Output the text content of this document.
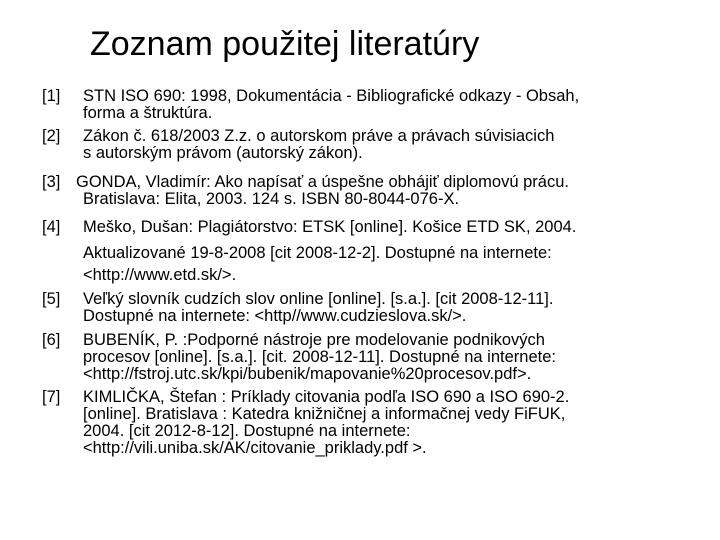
Zoznam použitej literatúry
[1] STN ISO 690: 1998, Dokumentácia - Bibliografické odkazy - Obsah,
forma a štruktúra.
[2] Zákon č. 618/2003 Z.z. o autorskom práve a právach súvisiacich
s autorským právom (autorský zákon).
[3] GONDA, Vladimír: Ako napísať a úspešne obhájiť diplomovú prácu.
Bratislava: Elita, 2003. 124 s. ISBN 80-8044-076-X.
[4] Meško, Dušan: Plagiátorstvo: ETSK [online]. Košice ETD SK, 2004.
Aktualizované 19-8-2008 [cit 2008-12-2]. Dostupné na internete:
<http://www.etd.sk/>.
[5] Veľký slovník cudzích slov online [online]. [s.a.]. [cit 2008-12-11].
Dostupné na internete: <http//www.cudzieslova.sk/>.
[6] BUBENÍK, P. :Podporné nástroje pre modelovanie podnikových
procesov [online]. [s.a.]. [cit. 2008-12-11]. Dostupné na internete:
<http://fstroj.utc.sk/kpi/bubenik/mapovanie%20procesov.pdf>.
[7] KIMLIČKA, Štefan : Príklady citovania podľa ISO 690 a ISO 690-2.
[online]. Bratislava : Katedra knižničnej a informačnej vedy FiFUK,
2004. [cit 2012-8-12]. Dostupné na internete:
<http://vili.uniba.sk/AK/citovanie_priklady.pdf >.
